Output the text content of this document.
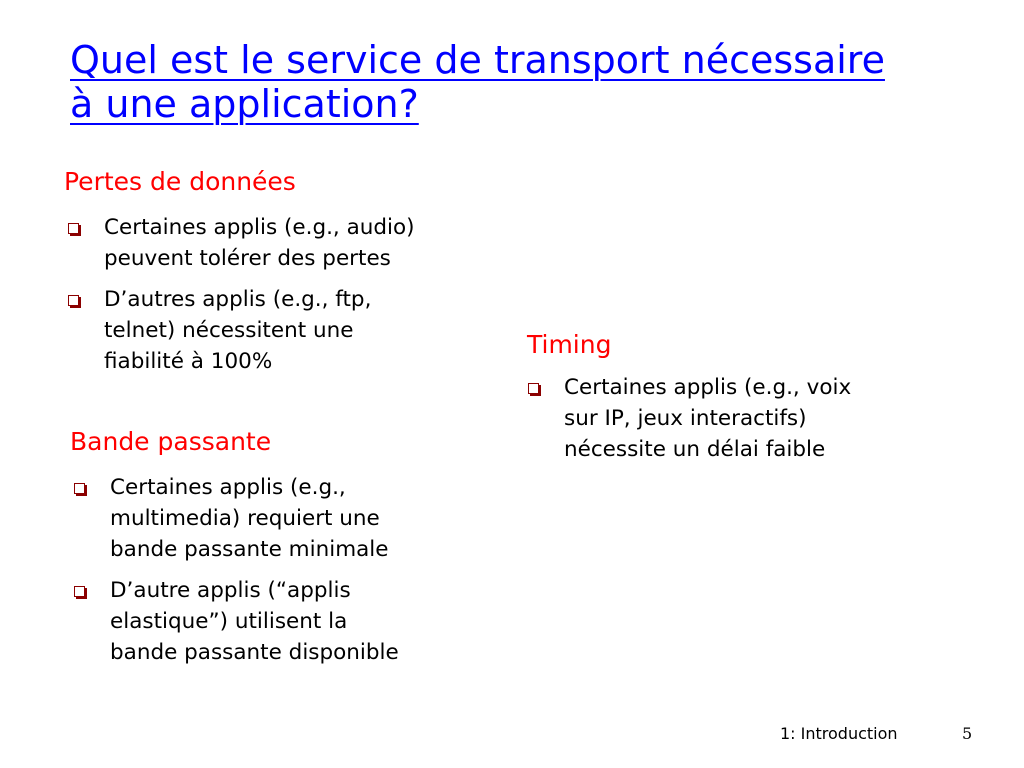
Quel est le service de transport nécessaire
à une application?
Pertes de données
Certaines applis (e.g., audio)
peuvent tolérer des pertes
D’autres applis (e.g., ftp,
telnet) nécessitent une
fiabilité à 100%
Bande passante
Certaines applis (e.g.,
multimedia) requiert une
bande passante minimale
D’autre applis (“applis
elastique”) utilisent la
bande passante disponible
Timing
Certaines applis (e.g., voix
sur IP, jeux interactifs)
nécessite un délai faible
1: Introduction	5
